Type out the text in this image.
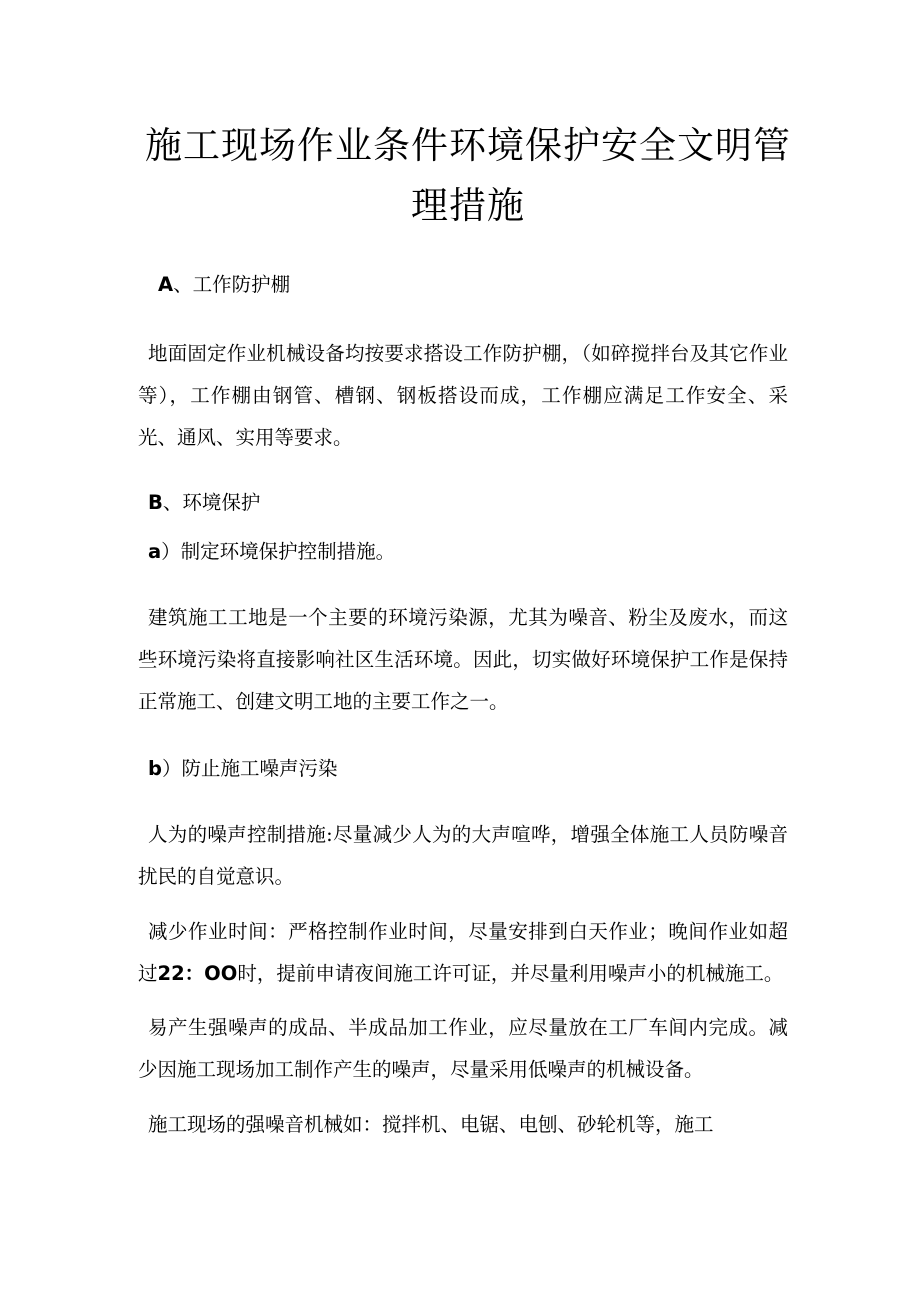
施工现场作业条件环境保护安全文明管理措施

A、工作防护棚

地面固定作业机械设备均按要求搭设工作防护棚，（如碎搅拌台及其它作业等），工作棚由钢管、槽钢、钢板搭设而成，工作棚应满足工作安全、采光、通风、实用等要求。

B、环境保护

a）制定环境保护控制措施。

建筑施工工地是一个主要的环境污染源，尤其为噪音、粉尘及废水，而这些环境污染将直接影响社区生活环境。因此，切实做好环境保护工作是保持正常施工、创建文明工地的主要工作之一。

b）防止施工噪声污染

人为的噪声控制措施:尽量减少人为的大声喧哗，增强全体施工人员防噪音扰民的自觉意识。

减少作业时间：严格控制作业时间，尽量安排到白天作业；晚间作业如超过22：OO时，提前申请夜间施工许可证，并尽量利用噪声小的机械施工。

易产生强噪声的成品、半成品加工作业，应尽量放在工厂车间内完成。减少因施工现场加工制作产生的噪声，尽量采用低噪声的机械设备。

施工现场的强噪音机械如：搅拌机、电锯、电刨、砂轮机等，施工
